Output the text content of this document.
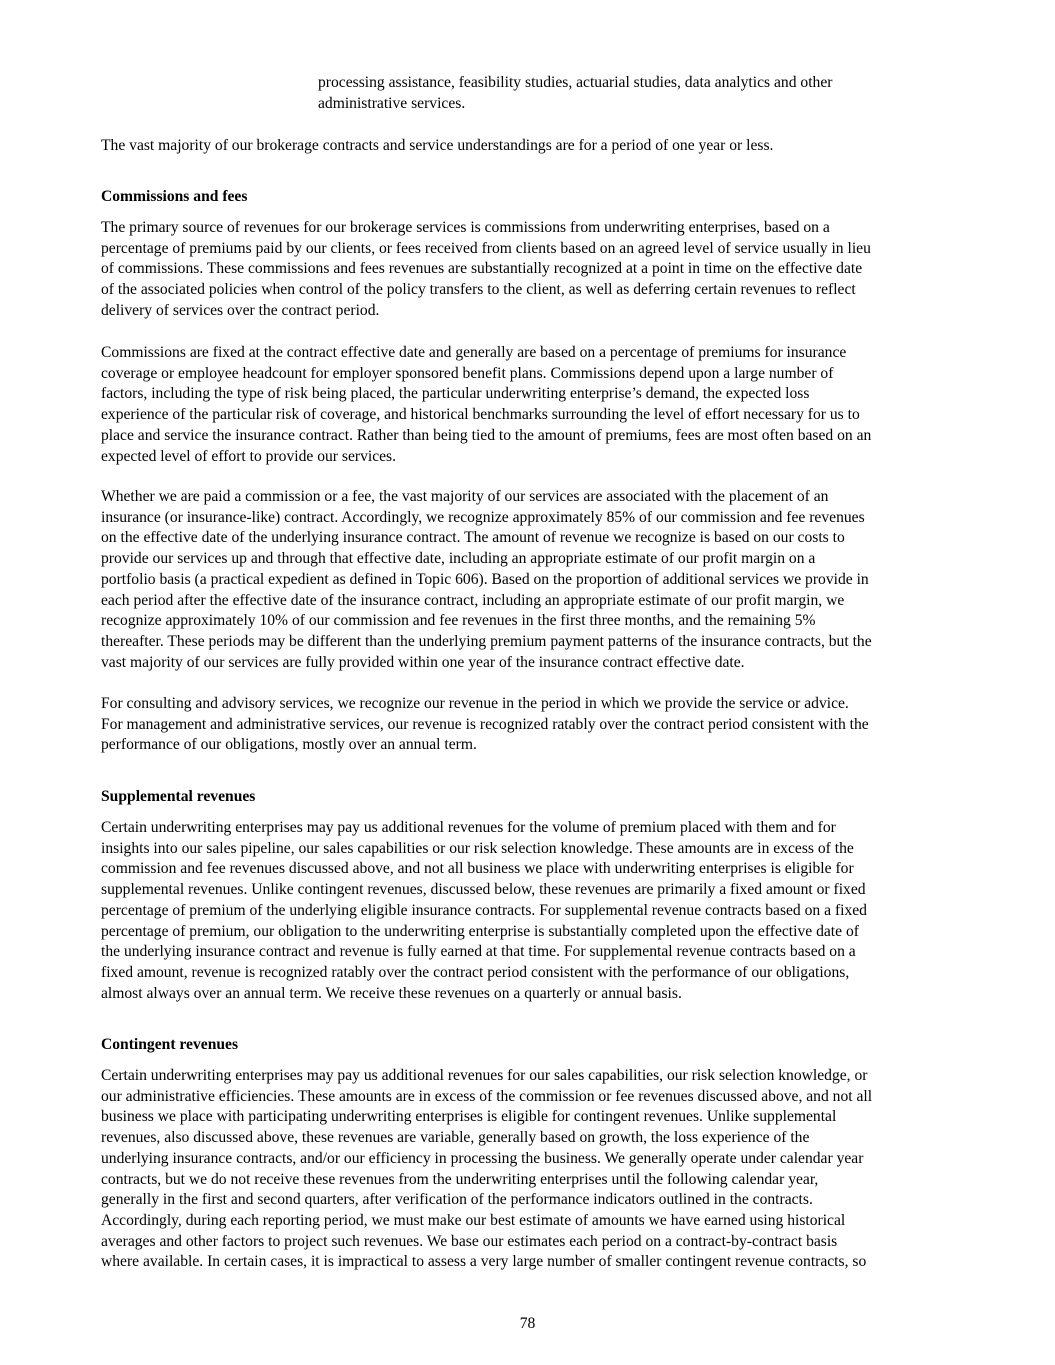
processing assistance, feasibility studies, actuarial studies, data analytics and other
administrative services.
The vast majority of our brokerage contracts and service understandings are for a period of one year or less.
Commissions and fees
The primary source of revenues for our brokerage services is commissions from underwriting enterprises, based on a
percentage of premiums paid by our clients, or fees received from clients based on an agreed level of service usually in lieu
of commissions. These commissions and fees revenues are substantially recognized at a point in time on the effective date
of the associated policies when control of the policy transfers to the client, as well as deferring certain revenues to reflect
delivery of services over the contract period.
Commissions are fixed at the contract effective date and generally are based on a percentage of premiums for insurance
coverage or employee headcount for employer sponsored benefit plans. Commissions depend upon a large number of
factors, including the type of risk being placed, the particular underwriting enterprise’s demand, the expected loss
experience of the particular risk of coverage, and historical benchmarks surrounding the level of effort necessary for us to
place and service the insurance contract. Rather than being tied to the amount of premiums, fees are most often based on an
expected level of effort to provide our services.
Whether we are paid a commission or a fee, the vast majority of our services are associated with the placement of an
insurance (or insurance-like) contract. Accordingly, we recognize approximately 85% of our commission and fee revenues
on the effective date of the underlying insurance contract. The amount of revenue we recognize is based on our costs to
provide our services up and through that effective date, including an appropriate estimate of our profit margin on a
portfolio basis (a practical expedient as defined in Topic 606). Based on the proportion of additional services we provide in
each period after the effective date of the insurance contract, including an appropriate estimate of our profit margin, we
recognize approximately 10% of our commission and fee revenues in the first three months, and the remaining 5%
thereafter. These periods may be different than the underlying premium payment patterns of the insurance contracts, but the
vast majority of our services are fully provided within one year of the insurance contract effective date.
For consulting and advisory services, we recognize our revenue in the period in which we provide the service or advice.
For management and administrative services, our revenue is recognized ratably over the contract period consistent with the
performance of our obligations, mostly over an annual term.
Supplemental revenues
Certain underwriting enterprises may pay us additional revenues for the volume of premium placed with them and for
insights into our sales pipeline, our sales capabilities or our risk selection knowledge. These amounts are in excess of the
commission and fee revenues discussed above, and not all business we place with underwriting enterprises is eligible for
supplemental revenues. Unlike contingent revenues, discussed below, these revenues are primarily a fixed amount or fixed
percentage of premium of the underlying eligible insurance contracts. For supplemental revenue contracts based on a fixed
percentage of premium, our obligation to the underwriting enterprise is substantially completed upon the effective date of
the underlying insurance contract and revenue is fully earned at that time. For supplemental revenue contracts based on a
fixed amount, revenue is recognized ratably over the contract period consistent with the performance of our obligations,
almost always over an annual term. We receive these revenues on a quarterly or annual basis.
Contingent revenues
Certain underwriting enterprises may pay us additional revenues for our sales capabilities, our risk selection knowledge, or
our administrative efficiencies. These amounts are in excess of the commission or fee revenues discussed above, and not all
business we place with participating underwriting enterprises is eligible for contingent revenues. Unlike supplemental
revenues, also discussed above, these revenues are variable, generally based on growth, the loss experience of the
underlying insurance contracts, and/or our efficiency in processing the business. We generally operate under calendar year
contracts, but we do not receive these revenues from the underwriting enterprises until the following calendar year,
generally in the first and second quarters, after verification of the performance indicators outlined in the contracts.
Accordingly, during each reporting period, we must make our best estimate of amounts we have earned using historical
averages and other factors to project such revenues. We base our estimates each period on a contract-by-contract basis
where available. In certain cases, it is impractical to assess a very large number of smaller contingent revenue contracts, so
78
